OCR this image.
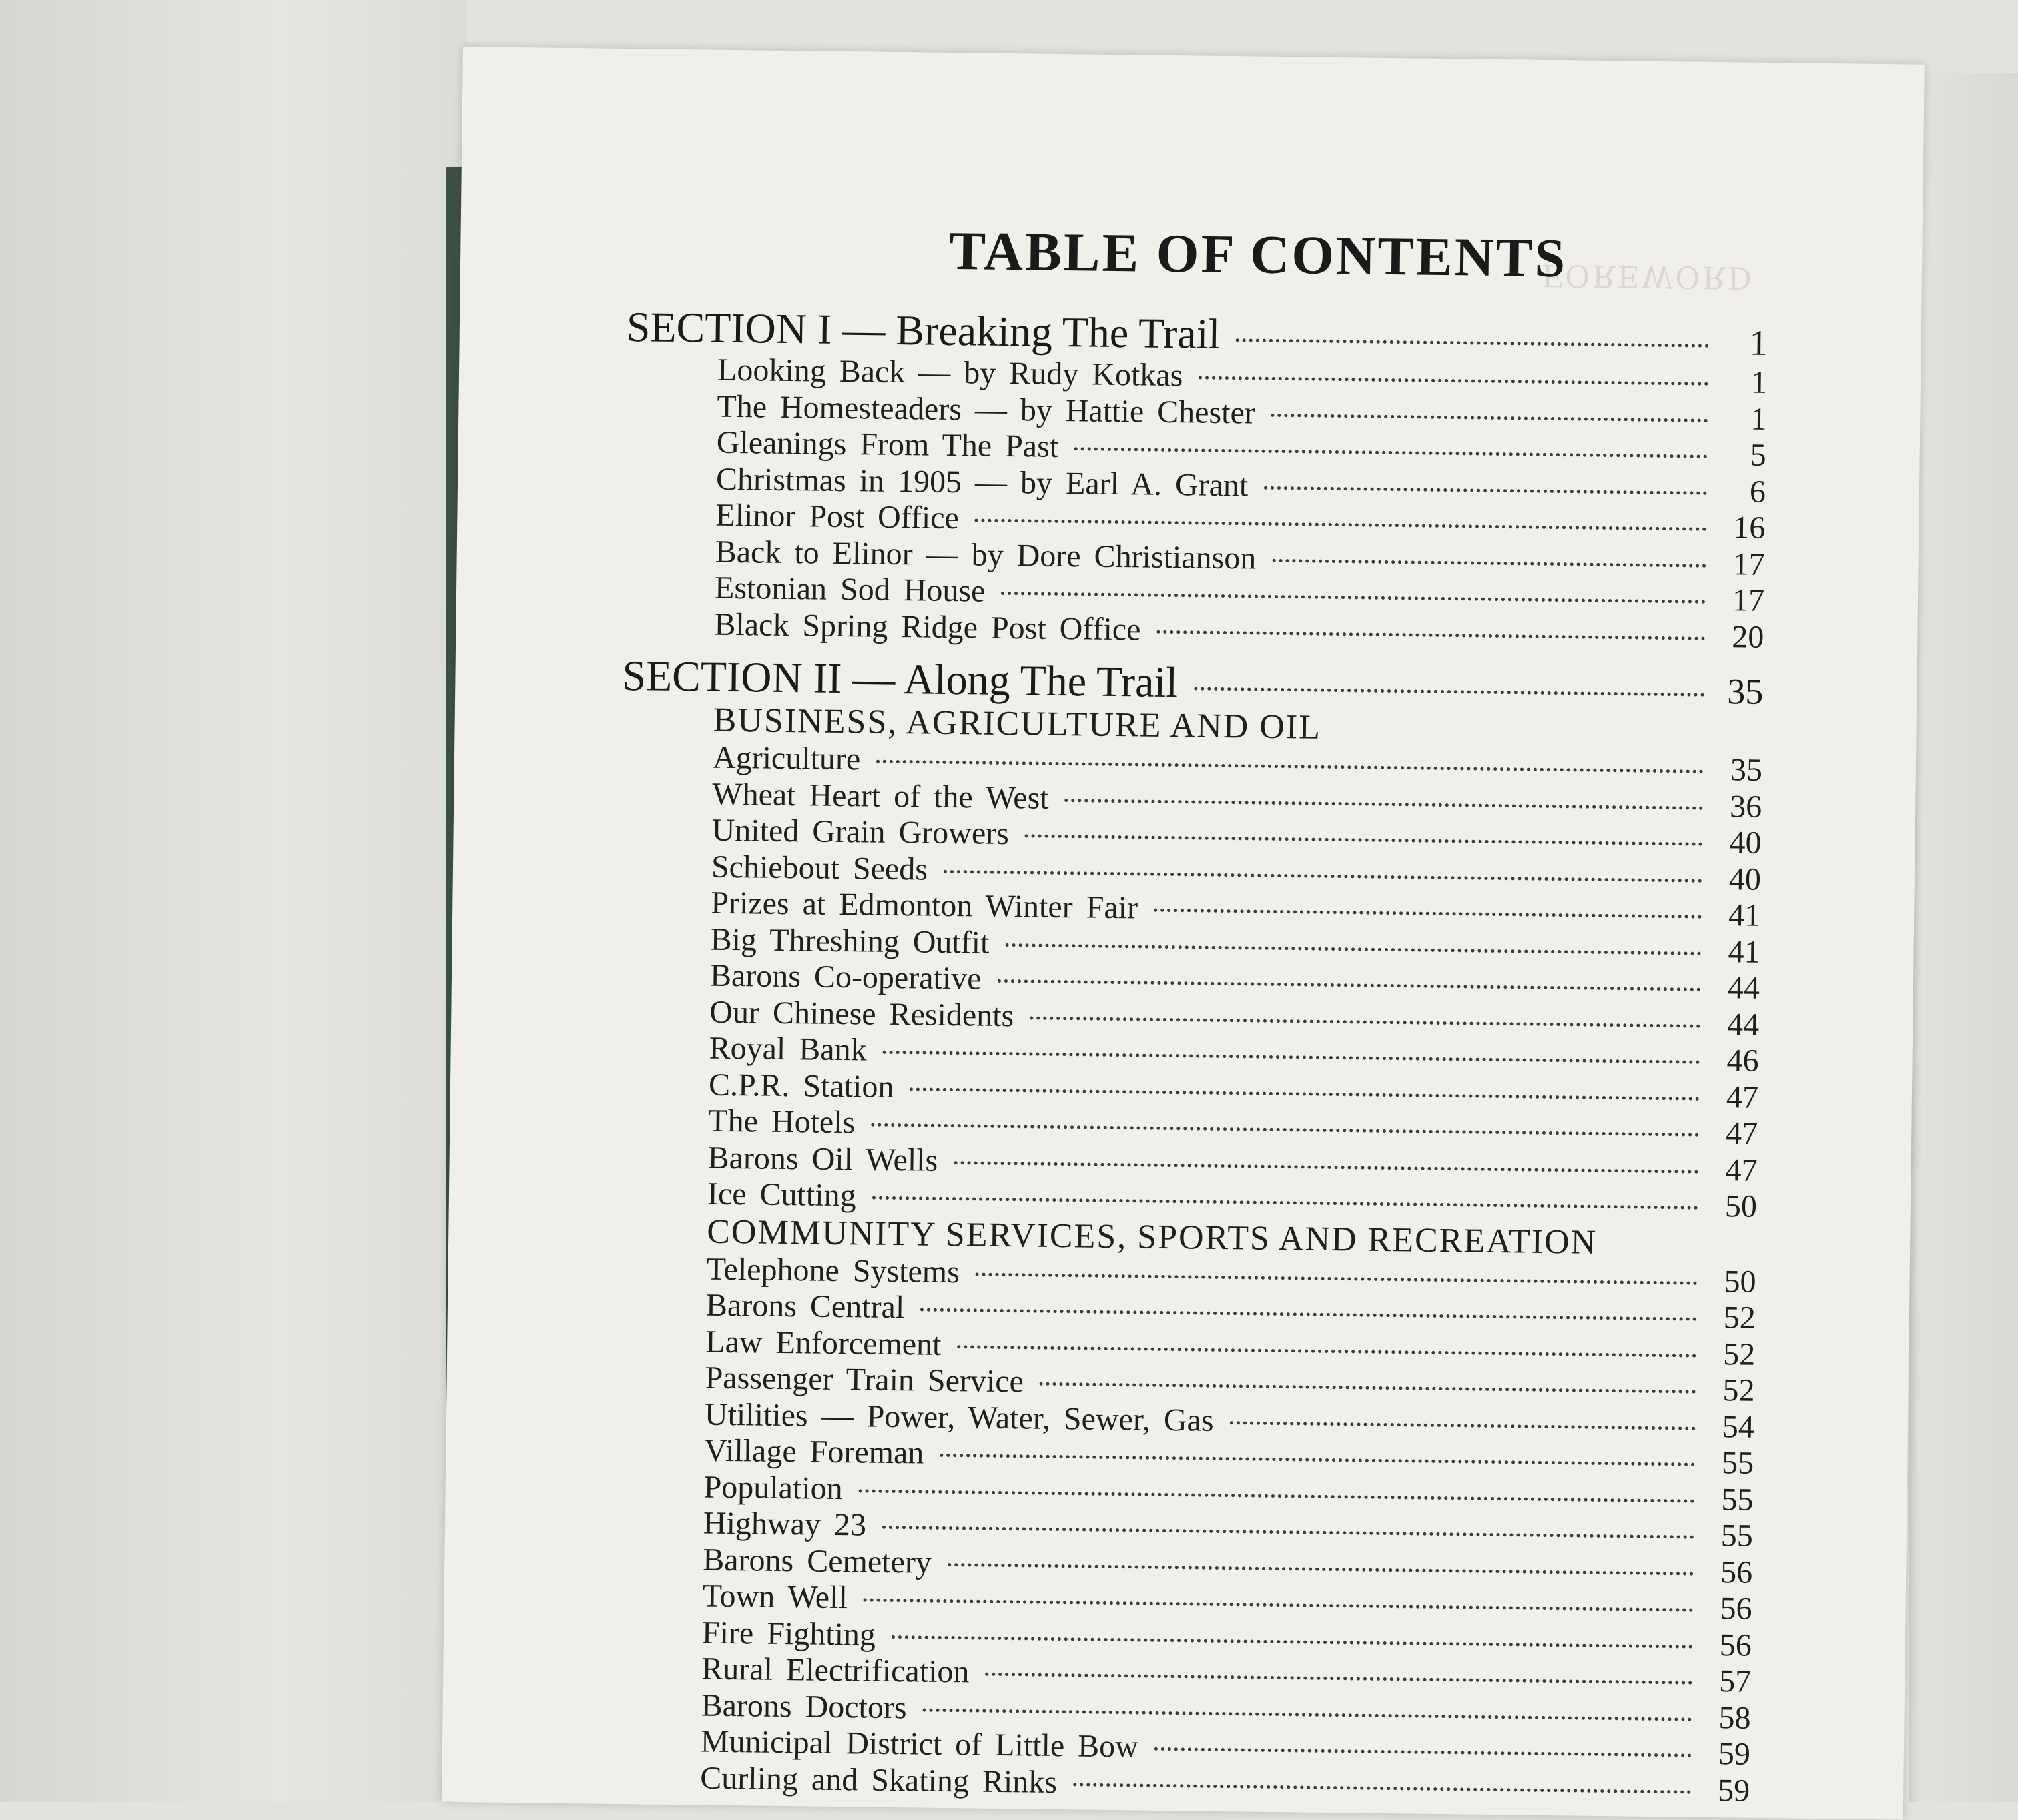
FOREWORD
TABLE OF CONTENTS
SECTION I — Breaking The Trail	1
Looking Back — by Rudy Kotkas	1
The Homesteaders — by Hattie Chester	1
Gleanings From The Past	5
Christmas in 1905 — by Earl A. Grant	6
Elinor Post Office	16
Back to Elinor — by Dore Christianson	17
Estonian Sod House	17
Black Spring Ridge Post Office	20
SECTION II — Along The Trail	35
BUSINESS, AGRICULTURE AND OIL
Agriculture	35
Wheat Heart of the West	36
United Grain Growers	40
Schiebout Seeds	40
Prizes at Edmonton Winter Fair	41
Big Threshing Outfit	41
Barons Co-operative	44
Our Chinese Residents	44
Royal Bank	46
C.P.R. Station	47
The Hotels	47
Barons Oil Wells	47
Ice Cutting	50
COMMUNITY SERVICES, SPORTS AND RECREATION
Telephone Systems	50
Barons Central	52
Law Enforcement	52
Passenger Train Service	52
Utilities — Power, Water, Sewer, Gas	54
Village Foreman	55
Population	55
Highway 23	55
Barons Cemetery	56
Town Well	56
Fire Fighting	56
Rural Electrification	57
Barons Doctors	58
Municipal District of Little Bow	59
Curling and Skating Rinks	59
